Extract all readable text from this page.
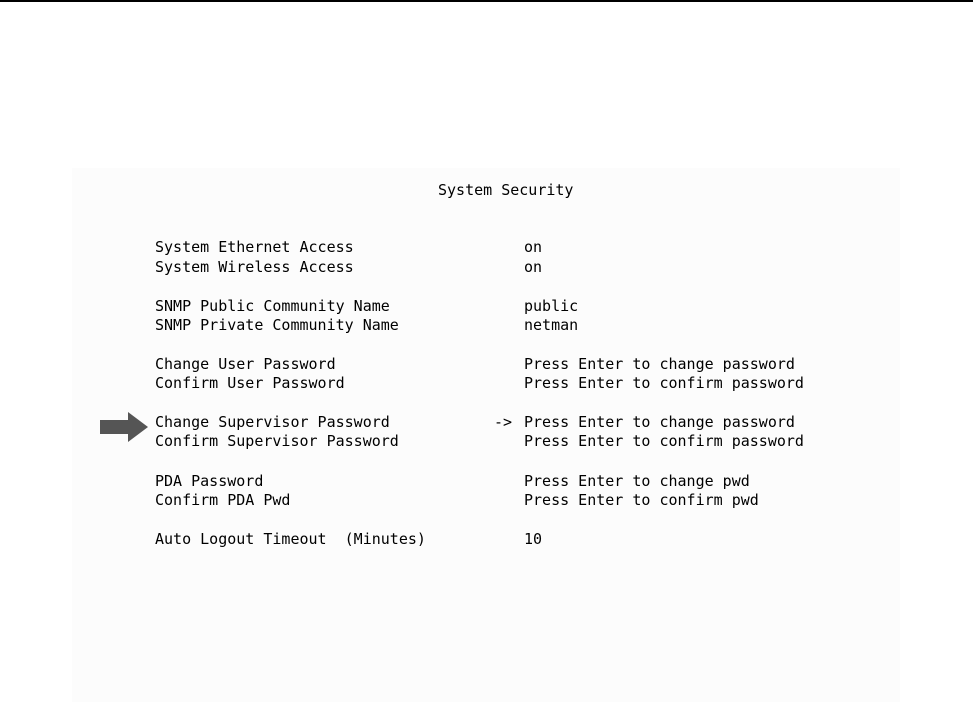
System Security
System Ethernet Access	on
System Wireless Access	on
SNMP Public Community Name	public
SNMP Private Community Name	netman
Change User Password	Press Enter to change password
Confirm User Password	Press Enter to confirm password
Change Supervisor Password	-> Press Enter to change password
Confirm Supervisor Password	Press Enter to confirm password
PDA Password	Press Enter to change pwd
Confirm PDA Pwd	Press Enter to confirm pwd
Auto Logout Timeout  (Minutes)	10
